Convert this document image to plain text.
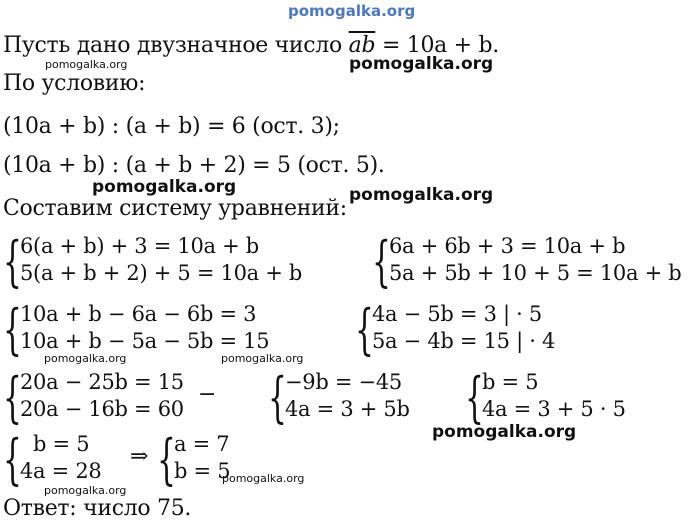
pomogalka.org
Пусть дано двузначное число $\overline{ab} = 10a + b$.
pomogalka.org	pomogalka.org
По условию:
(10a + b) : (a + b) = 6 (ост. 3);
(10a + b) : (a + b + 2) = 5 (ост. 5).
pomogalka.org	pomogalka.org
Составим систему уравнений:
{
6(a + b) + 3 = 10a + b
5(a + b + 2) + 5 = 10a + b {
6a + 6b + 3 = 10a + b
5a + 5b + 10 + 5 = 10a + b
{
10a + b − 6a − 6b = 3
10a + b − 5a − 5b = 15 {
4a − 5b = 3 | · 5
5a − 4b = 15 | · 4
pomogalka.org	pomogalka.org
{
20a − 25b = 15
20a − 16b = 60
− {
−9b = −45
4a = 3 + 5b {
b = 5
4a = 3 + 5 · 5
pomogalka.org
{ b = 5
4a = 28
⇒ {
a = 7
b = 5
pomogalka.org
pomogalka.org
Ответ: число 75.
